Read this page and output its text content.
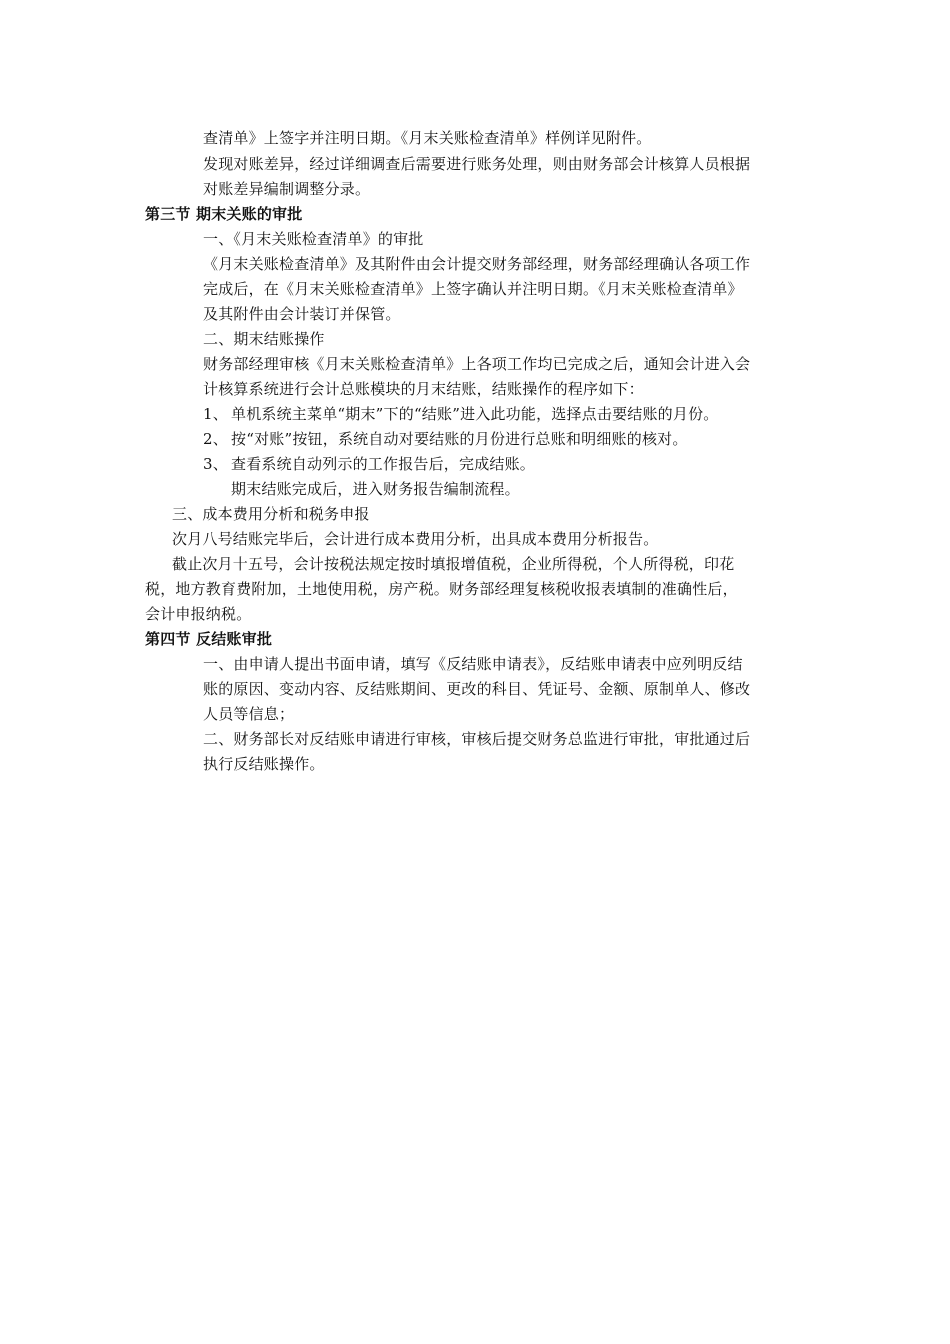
查清单》上签字并注明日期。《月末关账检查清单》样例详见附件。
发现对账差异，经过详细调查后需要进行账务处理，则由财务部会计核算人员根据
对账差异编制调整分录。
第三节 期末关账的审批
一、《月末关账检查清单》的审批
《月末关账检查清单》及其附件由会计提交财务部经理，财务部经理确认各项工作
完成后，在《月末关账检查清单》上签字确认并注明日期。《月末关账检查清单》
及其附件由会计装订并保管。
二、期末结账操作
财务部经理审核《月末关账检查清单》上各项工作均已完成之后，通知会计进入会
计核算系统进行会计总账模块的月末结账，结账操作的程序如下：
1、 单机系统主菜单“期末”下的“结账”进入此功能，选择点击要结账的月份。
2、 按“对账”按钮，系统自动对要结账的月份进行总账和明细账的核对。
3、 查看系统自动列示的工作报告后，完成结账。
期末结账完成后，进入财务报告编制流程。
三、成本费用分析和税务申报
次月八号结账完毕后，会计进行成本费用分析，出具成本费用分析报告。
截止次月十五号，会计按税法规定按时填报增值税，企业所得税，个人所得税，印花
税，地方教育费附加，土地使用税，房产税。财务部经理复核税收报表填制的准确性后，
会计申报纳税。
第四节 反结账审批
一、由申请人提出书面申请，填写《反结账申请表》，反结账申请表中应列明反结
账的原因、变动内容、反结账期间、更改的科目、凭证号、金额、原制单人、修改
人员等信息；
二、财务部长对反结账申请进行审核，审核后提交财务总监进行审批，审批通过后
执行反结账操作。
